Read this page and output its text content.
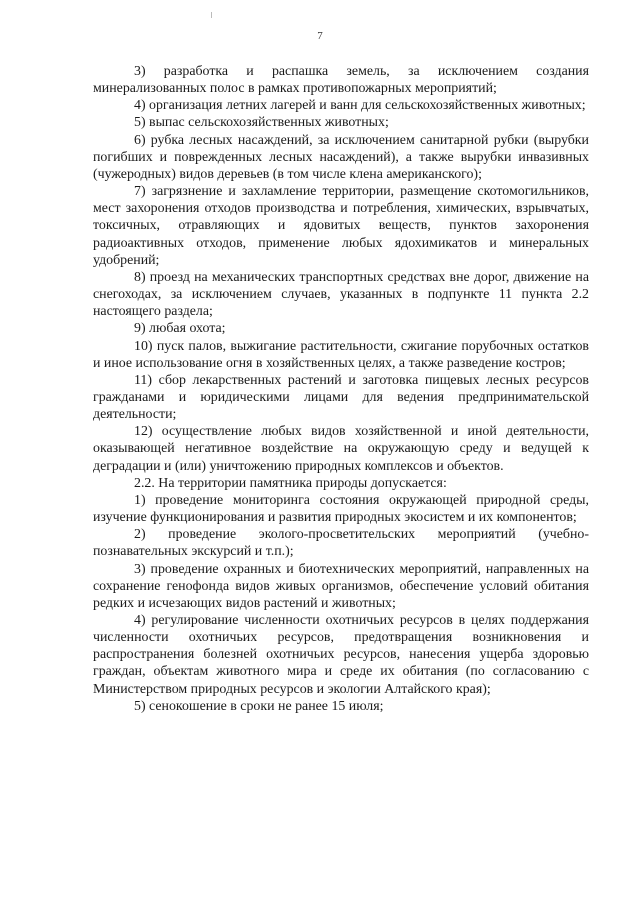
7

3) разработка и распашка земель, за исключением создания минерализованных полос в рамках противопожарных мероприятий;

4) организация летних лагерей и ванн для сельскохозяйственных животных;

5) выпас сельскохозяйственных животных;

6) рубка лесных насаждений, за исключением санитарной рубки (вырубки погибших и поврежденных лесных насаждений), а также вырубки инвазивных (чужеродных) видов деревьев (в том числе клена американского);

7) загрязнение и захламление территории, размещение скотомогильников, мест захоронения отходов производства и потребления, химических, взрывчатых, токсичных, отравляющих и ядовитых веществ, пунктов захоронения радиоактивных отходов, применение любых ядохимикатов и минеральных удобрений;

8) проезд на механических транспортных средствах вне дорог, движение на снегоходах, за исключением случаев, указанных в подпункте 11 пункта 2.2 настоящего раздела;

9) любая охота;

10) пуск палов, выжигание растительности, сжигание порубочных остатков и иное использование огня в хозяйственных целях, а также разведение костров;

11) сбор лекарственных растений и заготовка пищевых лесных ресурсов гражданами и юридическими лицами для ведения предпринимательской деятельности;

12) осуществление любых видов хозяйственной и иной деятельности, оказывающей негативное воздействие на окружающую среду и ведущей к деградации и (или) уничтожению природных комплексов и объектов.

2.2. На территории памятника природы допускается:

1) проведение мониторинга состояния окружающей природной среды, изучение функционирования и развития природных экосистем и их компонентов;

2) проведение эколого-просветительских мероприятий (учебно-познавательных экскурсий и т.п.);

3) проведение охранных и биотехнических мероприятий, направленных на сохранение генофонда видов живых организмов, обеспечение условий обитания редких и исчезающих видов растений и животных;

4) регулирование численности охотничьих ресурсов в целях поддержания численности охотничьих ресурсов, предотвращения возникновения и распространения болезней охотничьих ресурсов, нанесения ущерба здоровью граждан, объектам животного мира и среде их обитания (по согласованию с Министерством природных ресурсов и экологии Алтайского края);

5) сенокошение в сроки не ранее 15 июля;
